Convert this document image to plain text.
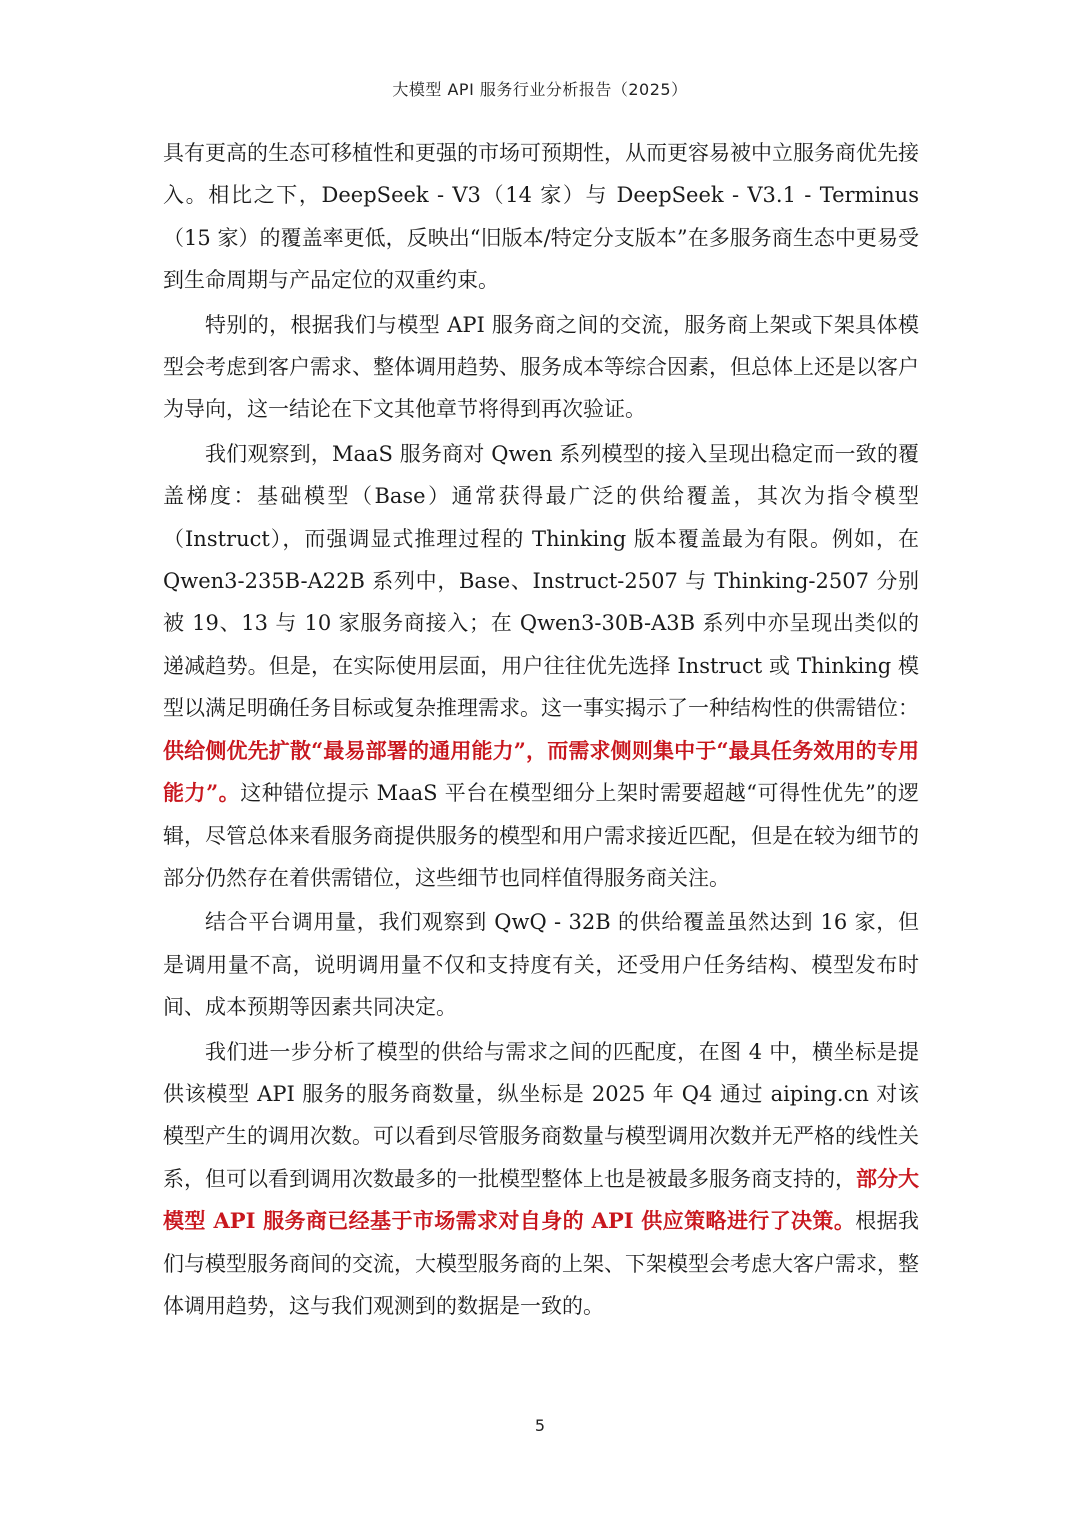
大模型 API 服务行业分析报告（2025）

具有更高的生态可移植性和更强的市场可预期性，从而更容易被中立服务商优先接入。相比之下，DeepSeek - V3（14 家）与 DeepSeek - V3.1 - Terminus（15 家）的覆盖率更低，反映出“旧版本/特定分支版本”在多服务商生态中更易受到生命周期与产品定位的双重约束。

特别的，根据我们与模型 API 服务商之间的交流，服务商上架或下架具体模型会考虑到客户需求、整体调用趋势、服务成本等综合因素，但总体上还是以客户为导向，这一结论在下文其他章节将得到再次验证。

我们观察到，MaaS 服务商对 Qwen 系列模型的接入呈现出稳定而一致的覆盖梯度：基础模型（Base）通常获得最广泛的供给覆盖，其次为指令模型（Instruct），而强调显式推理过程的 Thinking 版本覆盖最为有限。例如，在 Qwen3-235B-A22B 系列中，Base、Instruct-2507 与 Thinking-2507 分别被 19、13 与 10 家服务商接入；在 Qwen3-30B-A3B 系列中亦呈现出类似的递减趋势。但是，在实际使用层面，用户往往优先选择 Instruct 或 Thinking 模型以满足明确任务目标或复杂推理需求。这一事实揭示了一种结构性的供需错位：供给侧优先扩散“最易部署的通用能力”，而需求侧则集中于“最具任务效用的专用能力”。这种错位提示 MaaS 平台在模型细分上架时需要超越“可得性优先”的逻辑，尽管总体来看服务商提供服务的模型和用户需求接近匹配，但是在较为细节的部分仍然存在着供需错位，这些细节也同样值得服务商关注。

结合平台调用量，我们观察到 QwQ - 32B 的供给覆盖虽然达到 16 家，但是调用量不高，说明调用量不仅和支持度有关，还受用户任务结构、模型发布时间、成本预期等因素共同决定。

我们进一步分析了模型的供给与需求之间的匹配度，在图 4 中，横坐标是提供该模型 API 服务的服务商数量，纵坐标是 2025 年 Q4 通过 aiping.cn 对该模型产生的调用次数。可以看到尽管服务商数量与模型调用次数并无严格的线性关系，但可以看到调用次数最多的一批模型整体上也是被最多服务商支持的，部分大模型 API 服务商已经基于市场需求对自身的 API 供应策略进行了决策。根据我们与模型服务商间的交流，大模型服务商的上架、下架模型会考虑大客户需求，整体调用趋势，这与我们观测到的数据是一致的。

5
